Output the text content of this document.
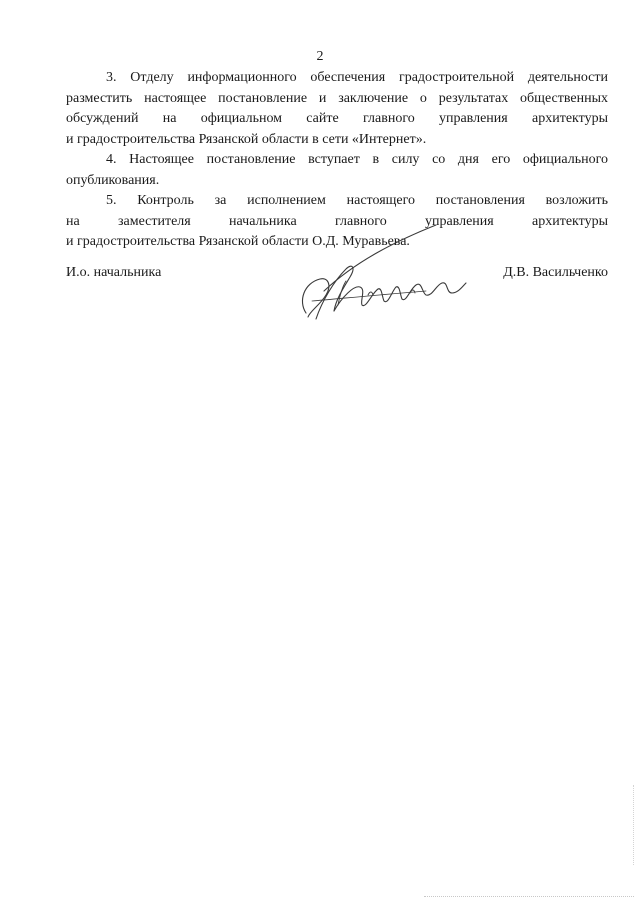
2
3. Отделу информационного обеспечения градостроительной деятельности
разместить настоящее постановление и заключение о результатах общественных
обсуждений на официальном сайте главного управления архитектуры
и градостроительства Рязанской области в сети «Интернет».
4. Настоящее постановление вступает в силу со дня его официального
опубликования.
5. Контроль за исполнением настоящего постановления возложить
на заместителя начальника главного управления архитектуры
и градостроительства Рязанской области О.Д. Муравьева.
И.о. начальника	Д.В. Васильченко
